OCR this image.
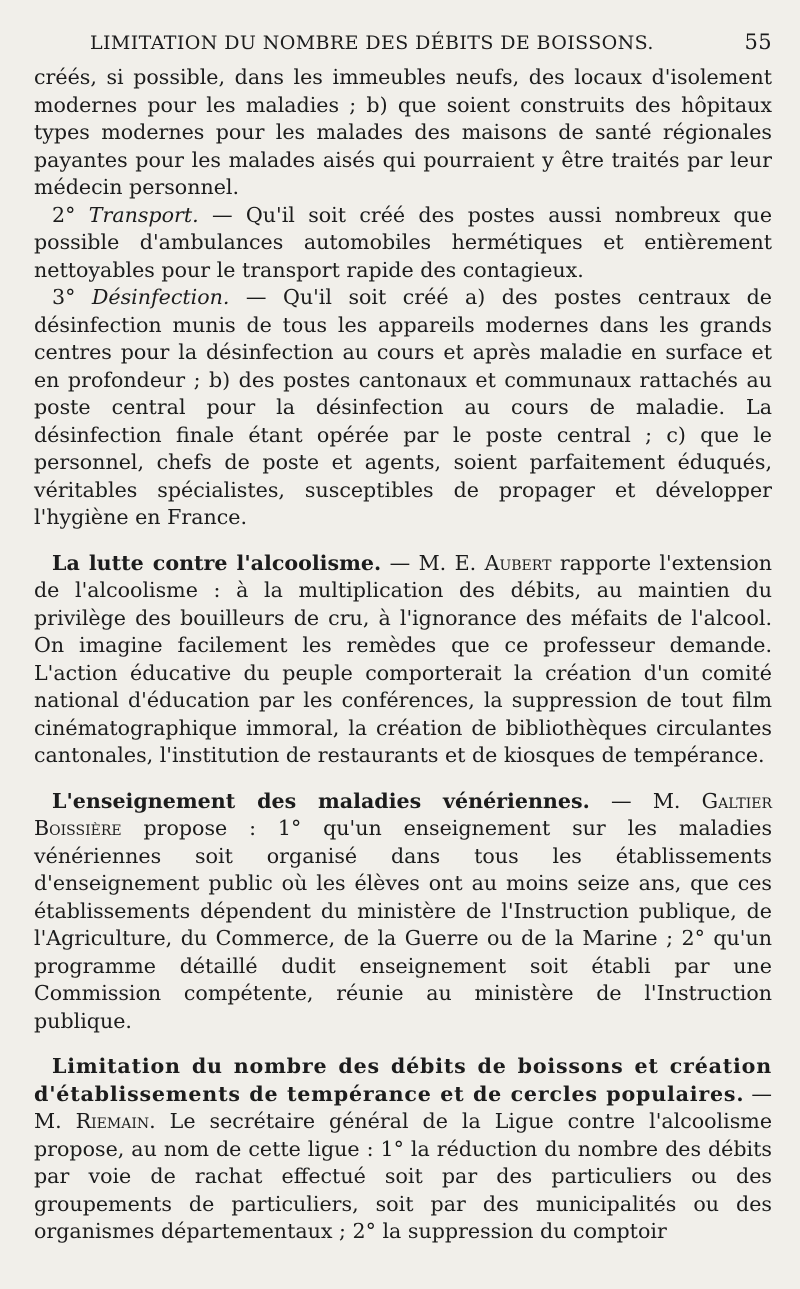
LIMITATION DU NOMBRE DES DÉBITS DE BOISSONS.	55

créés, si possible, dans les immeubles neufs, des locaux d'isolement modernes pour les maladies ; b) que soient construits des hôpitaux types modernes pour les malades des maisons de santé régionales payantes pour les malades aisés qui pourraient y être traités par leur médecin personnel.

2° Transport. — Qu'il soit créé des postes aussi nombreux que possible d'ambulances automobiles hermétiques et entièrement nettoyables pour le transport rapide des contagieux.

3° Désinfection. — Qu'il soit créé a) des postes centraux de désinfection munis de tous les appareils modernes dans les grands centres pour la désinfection au cours et après maladie en surface et en profondeur ; b) des postes cantonaux et communaux rattachés au poste central pour la désinfection au cours de maladie. La désinfection finale étant opérée par le poste central ; c) que le personnel, chefs de poste et agents, soient parfaitement éduqués, véritables spécialistes, susceptibles de propager et développer l'hygiène en France.

La lutte contre l'alcoolisme. — M. E. Aubert rapporte l'extension de l'alcoolisme : à la multiplication des débits, au maintien du privilège des bouilleurs de cru, à l'ignorance des méfaits de l'alcool. On imagine facilement les remèdes que ce professeur demande. L'action éducative du peuple comporterait la création d'un comité national d'éducation par les conférences, la suppression de tout film cinématographique immoral, la création de bibliothèques circulantes cantonales, l'institution de restaurants et de kiosques de tempérance.

L'enseignement des maladies vénériennes. — M. Galtier Boissière propose : 1° qu'un enseignement sur les maladies vénériennes soit organisé dans tous les établissements d'enseignement public où les élèves ont au moins seize ans, que ces établissements dépendent du ministère de l'Instruction publique, de l'Agriculture, du Commerce, de la Guerre ou de la Marine ; 2° qu'un programme détaillé dudit enseignement soit établi par une Commission compétente, réunie au ministère de l'Instruction publique.

Limitation du nombre des débits de boissons et création d'établissements de tempérance et de cercles populaires. — M. Riemain. Le secrétaire général de la Ligue contre l'alcoolisme propose, au nom de cette ligue : 1° la réduction du nombre des débits par voie de rachat effectué soit par des particuliers ou des groupements de particuliers, soit par des municipalités ou des organismes départementaux ; 2° la suppression du comptoir
